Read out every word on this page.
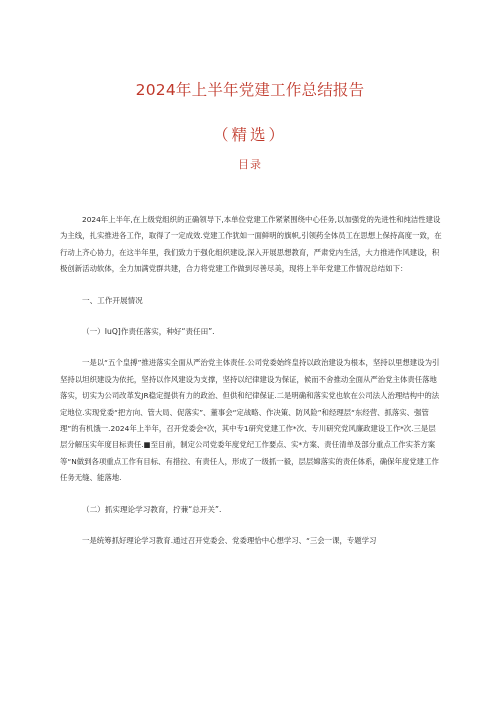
2024年上半年党建工作总结报告
（精选）
目录

2024年上半年,在上级党组织的正确领导下,本单位党建工作紧紧围绕中心任务,以加强党的先进性和纯洁性建设为主线，扎实推进各工作，取得了一定成效.党建工作犹如一面鲜明的旗帜,引领药全体员工在思想上保持高度一致，在行动上齐心协力，在这半年里，我们致力于强化组织建设,深入开展思想教育，严肃党内生活，大力推进作风建设，积极创新活动软体，全力加满党群共建，合力将党建工作做到尽善尽美，现将上半年党建工作情况总结如下：

一、工作开展情况

（一）IuQ]作责任落实，种好“责任田”.

一是以“五个皇搏”推进落实全面从严治党主体责任.公司党委始终皇持以政治建设为根本，坚持以里想建设为引坚持以坦织建设为依托，坚持以作风建设为支撑，坚持以纪律建设为保证，候而不舍推动全面从严治党主体责任落地落实，切实为公司改革发JR稳定提供有力的政治、但供和纪律保证.二是明确和落实党也软在公司法人治理结构中的法定地位.实现党委“把方向、管大局、促落实”、董事会“定战略、作决策、防风险”和经理层“东经营、抓落实、强管理”的有机饿一.2024年上半年，召开党委会*次，其中专1研究党建工作*次、专川研究党风廉政建设工作*次.三是层层分解压实年度目标责任.■至目前，制定公司党委年度党纪工作要点、实*方案、责任清单及部分重点工作实茶方案等“N做到各项重点工作有目标、有措拉、有责任人，形成了一级抓一毅，层层嫦落实的责任体系，确保年度党建工作任务无缝、能落地.

（二）抓实理论学习教育，拧蒹“总开关”.

一是统筹抓好理论学习教育.通过召开党委会、党委理恰中心想学习、“三会一课，专题学习
